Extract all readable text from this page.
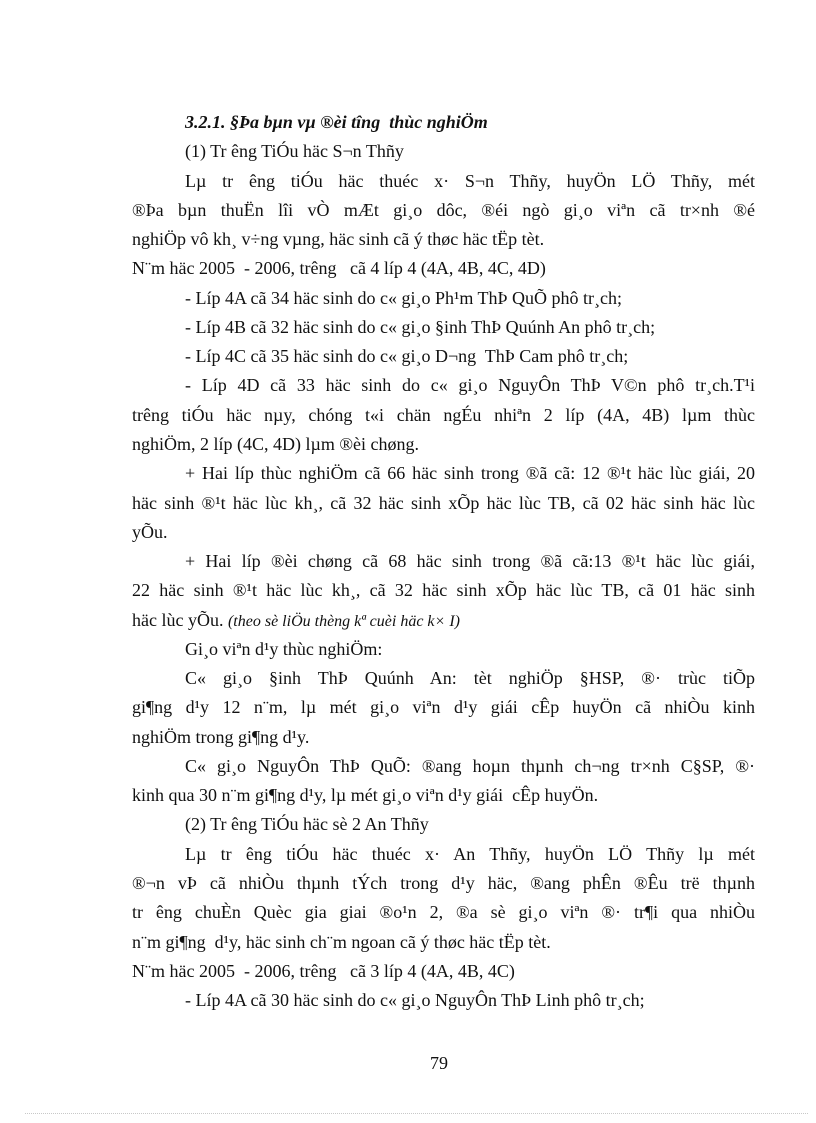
3.2.1. §Þa bµn vµ ®èi tîng  thùc nghiÖm
(1) Tr êng TiÓu häc S¬n Thñy
Lµ tr êng tiÓu häc thuéc x· S¬n Thñy, huyÖn LÖ Thñy, mét
®Þa bµn thuËn lîi vÒ mÆt gi¸o dôc, ®éi ngò gi¸o viªn cã tr×nh ®é
nghiÖp vô kh¸ v÷ng vµng, häc sinh cã ý thøc häc tËp tèt.
N¨m häc 2005  - 2006, trêng   cã 4 líp 4 (4A, 4B, 4C, 4D)
- Líp 4A cã 34 häc sinh do c« gi¸o Ph¹m ThÞ QuÕ phô tr¸ch;
- Líp 4B cã 32 häc sinh do c« gi¸o §inh ThÞ Quúnh An phô tr¸ch;
- Líp 4C cã 35 häc sinh do c« gi¸o D¬ng  ThÞ Cam phô tr¸ch;
- Líp 4D cã 33 häc sinh do c« gi¸o NguyÔn ThÞ V©n phô tr¸ch.T¹i
trêng tiÓu häc nµy, chóng t«i chän ngÉu nhiªn 2 líp (4A, 4B) lµm thùc
nghiÖm, 2 líp (4C, 4D) lµm ®èi chøng.
+ Hai líp thùc nghiÖm cã 66 häc sinh trong ®ã cã: 12 ®¹t häc lùc giái, 20
häc sinh ®¹t häc lùc kh¸, cã 32 häc sinh xÕp häc lùc TB, cã 02 häc sinh häc lùc
yÕu.
+ Hai líp ®èi chøng cã 68 häc sinh trong ®ã cã:13 ®¹t häc lùc giái,
22 häc sinh ®¹t häc lùc kh¸, cã 32 häc sinh xÕp häc lùc TB, cã 01 häc sinh
häc lùc yÕu. (theo sè liÖu thèng kª cuèi häc k× I)
Gi¸o viªn d¹y thùc nghiÖm:
C« gi¸o §inh ThÞ Quúnh An: tèt nghiÖp §HSP, ®· trùc tiÕp
gi¶ng d¹y 12 n¨m, lµ mét gi¸o viªn d¹y giái cÊp huyÖn cã nhiÒu kinh
nghiÖm trong gi¶ng d¹y.
C« gi¸o NguyÔn ThÞ QuÕ: ®ang hoµn thµnh ch¬ng tr×nh C§SP, ®·
kinh qua 30 n¨m gi¶ng d¹y, lµ mét gi¸o viªn d¹y giái  cÊp huyÖn.
(2) Tr êng TiÓu häc sè 2 An Thñy
Lµ tr êng tiÓu häc thuéc x· An Thñy, huyÖn LÖ Thñy lµ mét
®¬n vÞ cã nhiÒu thµnh tÝch trong d¹y häc, ®ang phÊn ®Êu trë thµnh
tr êng chuÈn Quèc gia giai ®o¹n 2, ®a sè gi¸o viªn ®· tr¶i qua nhiÒu
n¨m gi¶ng  d¹y, häc sinh ch¨m ngoan cã ý thøc häc tËp tèt.
N¨m häc 2005  - 2006, trêng   cã 3 líp 4 (4A, 4B, 4C)
- Líp 4A cã 30 häc sinh do c« gi¸o NguyÔn ThÞ Linh phô tr¸ch;
79
